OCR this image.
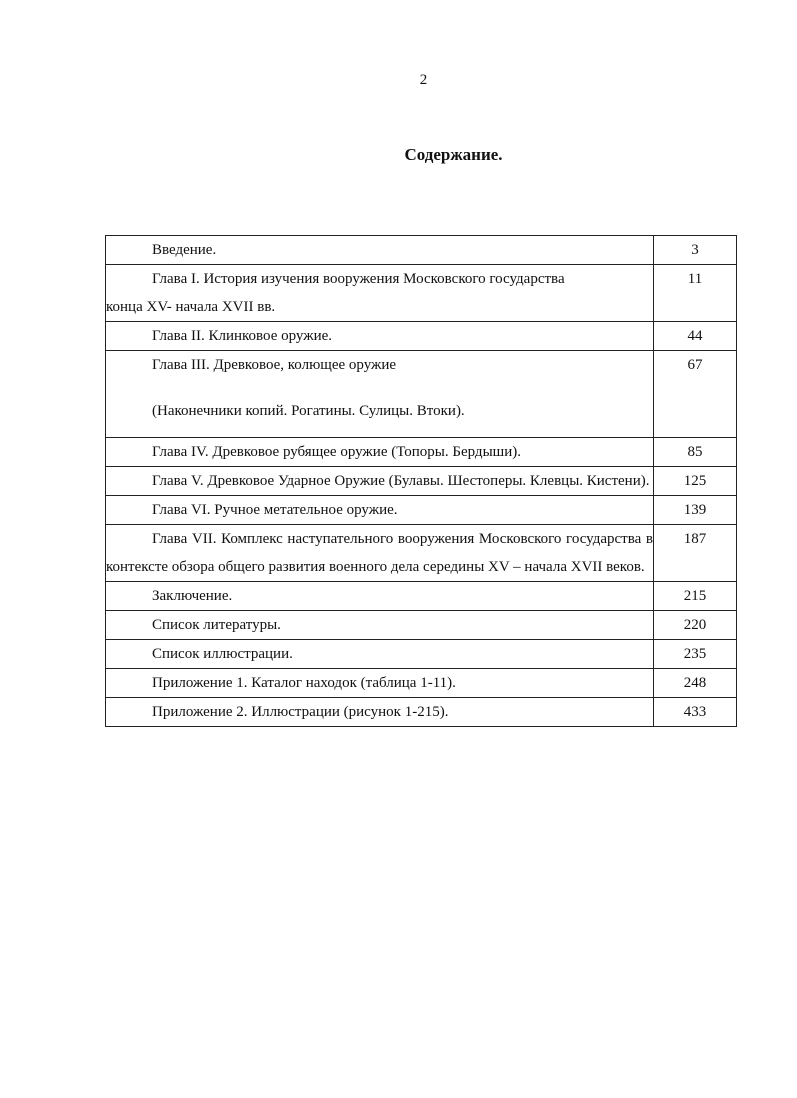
2
Содержание.
Введение.	3
Глава I. История изучения вооружения Московского государства
конца XV- начала XVII вв.	11
Глава II. Клинковое оружие.	44
Глава III. Древковое, колющее оружие
(Наконечники копий. Рогатины. Сулицы. Втоки).	67
Глава IV. Древковое рубящее оружие (Топоры. Бердыши).	85
Глава V. Древковое Ударное Оружие (Булавы. Шестоперы. Клевцы. Кистени).	125
Глава VI. Ручное метательное оружие.	139
Глава VII. Комплекс наступательного вооружения Московского государства в контексте обзора общего развития военного дела середины XV – начала XVII веков.	187
Заключение.	215
Список литературы.	220
Список иллюстрации.	235
Приложение 1. Каталог находок (таблица 1-11).	248
Приложение 2. Иллюстрации (рисунок 1-215).	433
